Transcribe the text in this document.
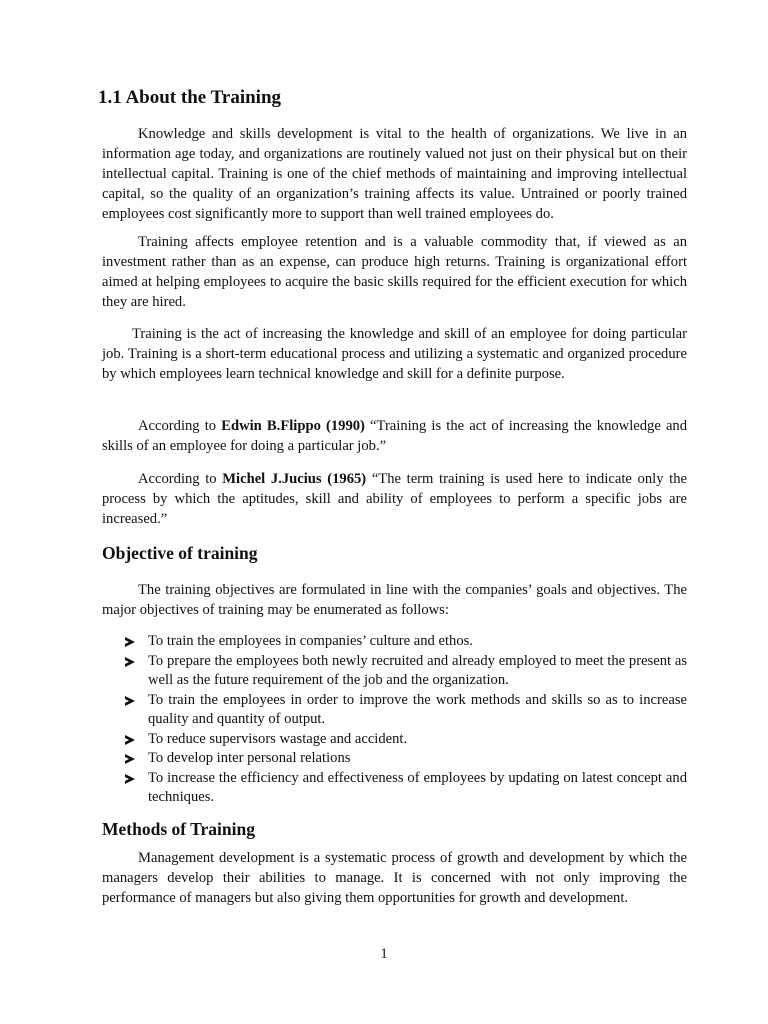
1.1 About the Training

Knowledge and skills development is vital to the health of organizations. We live in an information age today, and organizations are routinely valued not just on their physical but on their intellectual capital. Training is one of the chief methods of maintaining and improving intellectual capital, so the quality of an organization’s training affects its value. Untrained or poorly trained employees cost significantly more to support than well trained employees do.

Training affects employee retention and is a valuable commodity that, if viewed as an investment rather than as an expense, can produce high returns. Training is organizational effort aimed at helping employees to acquire the basic skills required for the efficient execution for which they are hired.

Training is the act of increasing the knowledge and skill of an employee for doing particular job. Training is a short-term educational process and utilizing a systematic and organized procedure by which employees learn technical knowledge and skill for a definite purpose.

According to Edwin B.Flippo (1990) “Training is the act of increasing the knowledge and skills of an employee for doing a particular job.”

According to Michel J.Jucius (1965) “The term training is used here to indicate only the process by which the aptitudes, skill and ability of employees to perform a specific jobs are increased.”

Objective of training

The training objectives are formulated in line with the companies’ goals and objectives. The major objectives of training may be enumerated as follows:

To train the employees in companies’ culture and ethos.
To prepare the employees both newly recruited and already employed to meet the present as well as the future requirement of the job and the organization.
To train the employees in order to improve the work methods and skills so as to increase quality and quantity of output.
To reduce supervisors wastage and accident.
To develop inter personal relations
To increase the efficiency and effectiveness of employees by updating on latest concept and techniques.
Methods of Training

Management development is a systematic process of growth and development by which the managers develop their abilities to manage. It is concerned with not only improving the performance of managers but also giving them opportunities for growth and development.

1
